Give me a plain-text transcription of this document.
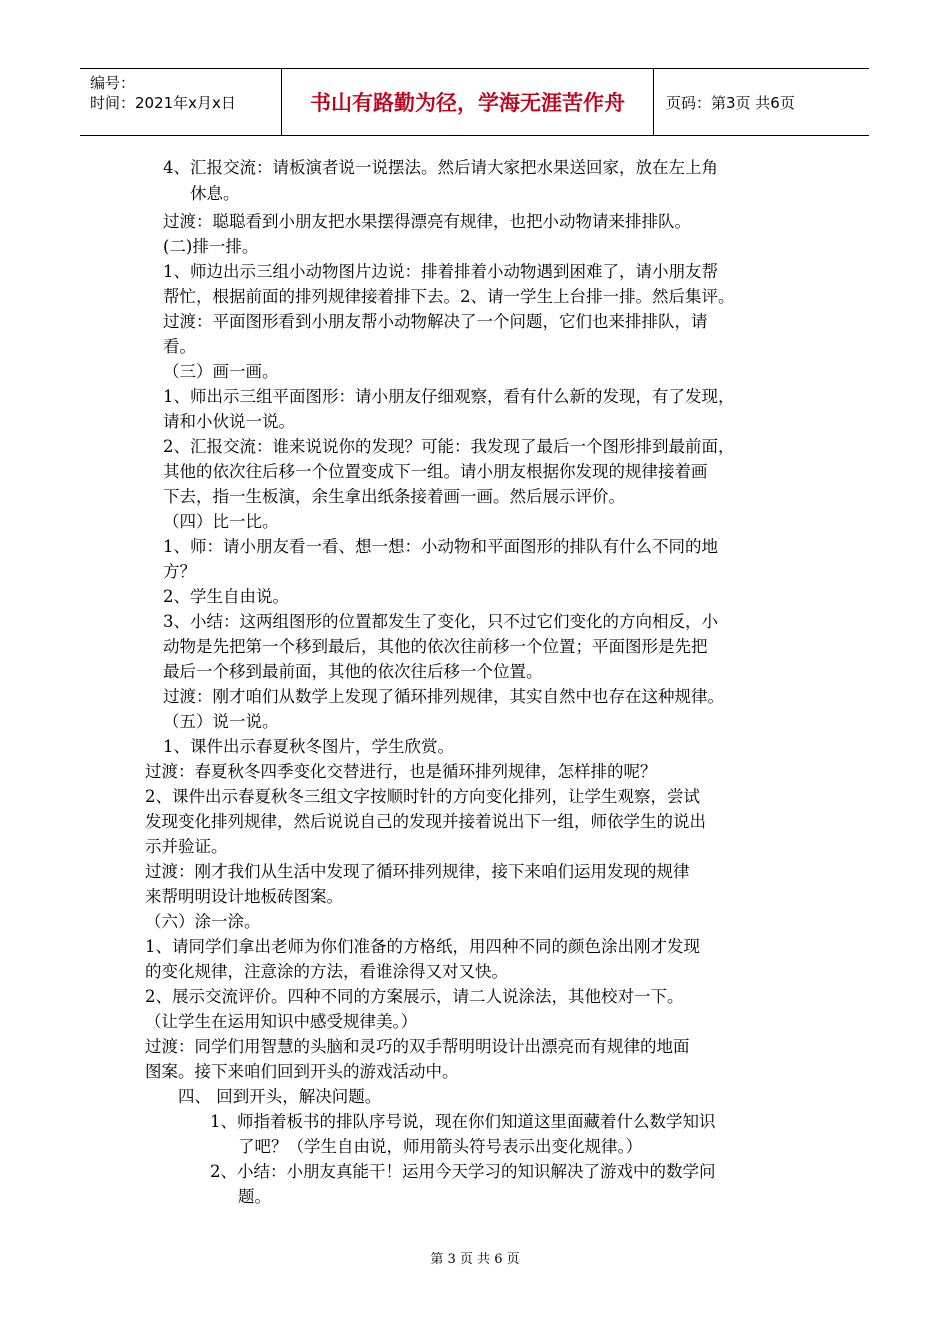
编号：
时间：2021年x月x日	书山有路勤为径，学海无涯苦作舟	页码：第3页 共6页
4、汇报交流：请板演者说一说摆法。然后请大家把水果送回家，放在左上角
休息。
过渡：聪聪看到小朋友把水果摆得漂亮有规律，也把小动物请来排排队。
(二)排一排。
1、师边出示三组小动物图片边说：排着排着小动物遇到困难了，请小朋友帮
帮忙，根据前面的排列规律接着排下去。2、请一学生上台排一排。然后集评。
过渡：平面图形看到小朋友帮小动物解决了一个问题，它们也来排排队，请
看。
（三）画一画。
1、师出示三组平面图形：请小朋友仔细观察，看有什么新的发现，有了发现，
请和小伙说一说。
2、汇报交流：谁来说说你的发现？可能：我发现了最后一个图形排到最前面，
其他的依次往后移一个位置变成下一组。请小朋友根据你发现的规律接着画
下去，指一生板演，余生拿出纸条接着画一画。然后展示评价。
（四）比一比。
1、师：请小朋友看一看、想一想：小动物和平面图形的排队有什么不同的地
方？
2、学生自由说。
3、小结：这两组图形的位置都发生了变化，只不过它们变化的方向相反，小
动物是先把第一个移到最后，其他的依次往前移一个位置；平面图形是先把
最后一个移到最前面，其他的依次往后移一个位置。
过渡：刚才咱们从数学上发现了循环排列规律，其实自然中也存在这种规律。
（五）说一说。
1、课件出示春夏秋冬图片，学生欣赏。
过渡：春夏秋冬四季变化交替进行，也是循环排列规律，怎样排的呢？
2、课件出示春夏秋冬三组文字按顺时针的方向变化排列，让学生观察，尝试
发现变化排列规律，然后说说自己的发现并接着说出下一组，师依学生的说出
示并验证。
过渡：刚才我们从生活中发现了循环排列规律，接下来咱们运用发现的规律
来帮明明设计地板砖图案。
（六）涂一涂。
1、请同学们拿出老师为你们准备的方格纸，用四种不同的颜色涂出刚才发现
的变化规律，注意涂的方法，看谁涂得又对又快。
2、展示交流评价。四种不同的方案展示，请二人说涂法，其他校对一下。
（让学生在运用知识中感受规律美。）
过渡：同学们用智慧的头脑和灵巧的双手帮明明设计出漂亮而有规律的地面
图案。接下来咱们回到开头的游戏活动中。
四、 回到开头，解决问题。
1、师指着板书的排队序号说，现在你们知道这里面藏着什么数学知识
了吧？（学生自由说，师用箭头符号表示出变化规律。）
2、小结：小朋友真能干！运用今天学习的知识解决了游戏中的数学问
题。
第 3 页 共 6 页
